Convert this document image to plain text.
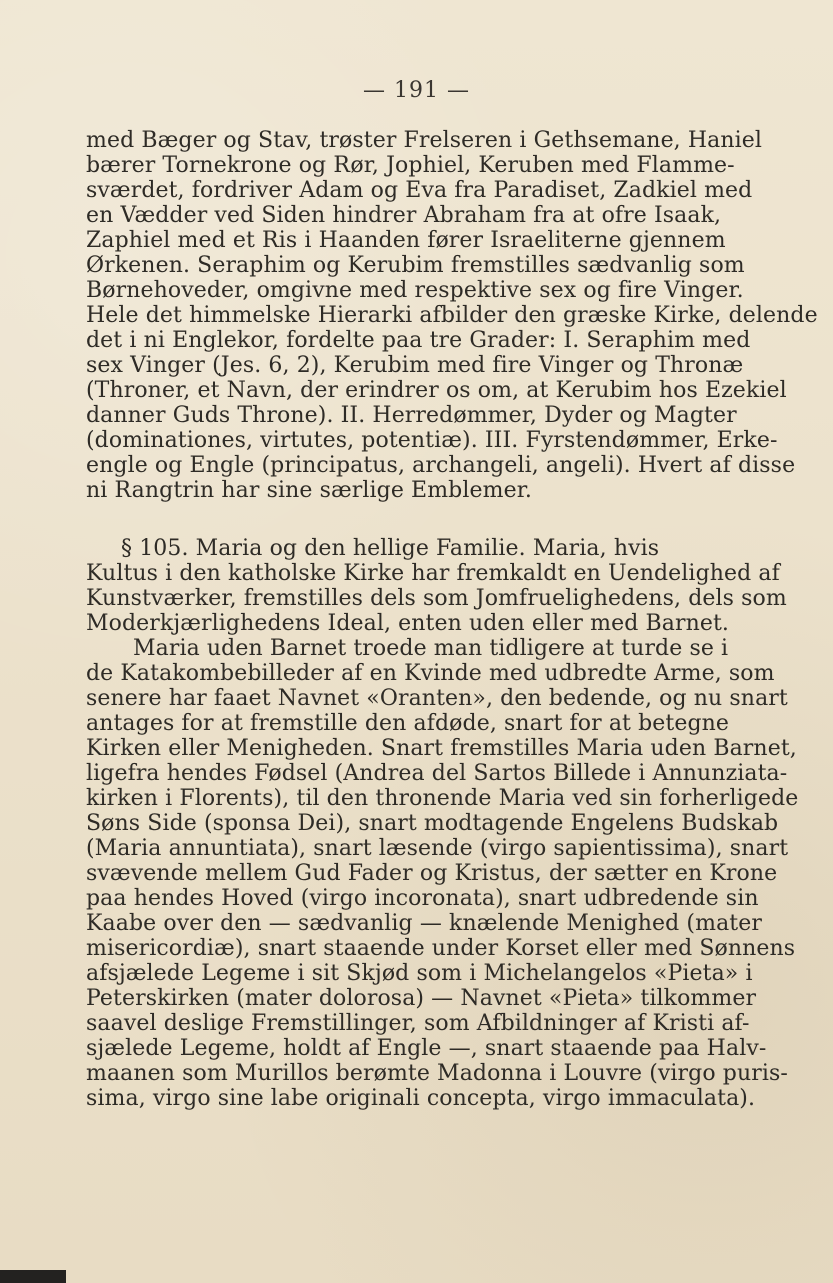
— 191 —
med Bæger og Stav, trøster Frelseren i Gethsemane, Haniel
bærer Tornekrone og Rør, Jophiel, Keruben med Flamme-
sværdet, fordriver Adam og Eva fra Paradiset, Zadkiel med
en Vædder ved Siden hindrer Abraham fra at ofre Isaak,
Zaphiel med et Ris i Haanden fører Israeliterne gjennem
Ørkenen. Seraphim og Kerubim fremstilles sædvanlig som
Børnehoveder, omgivne med respektive sex og fire Vinger.
Hele det himmelske Hierarki afbilder den græske Kirke, delende
det i ni Englekor, fordelte paa tre Grader: I. Seraphim med
sex Vinger (Jes. 6, 2), Kerubim med fire Vinger og Thronæ
(Throner, et Navn, der erindrer os om, at Kerubim hos Ezekiel
danner Guds Throne). II. Herredømmer, Dyder og Magter
(dominationes, virtutes, potentiæ). III. Fyrstendømmer, Erke-
engle og Engle (principatus, archangeli, angeli). Hvert af disse
ni Rangtrin har sine særlige Emblemer.
§ 105. Maria og den hellige Familie. Maria, hvis
Kultus i den katholske Kirke har fremkaldt en Uendelighed af
Kunstværker, fremstilles dels som Jomfruelighedens, dels som
Moderkjærlighedens Ideal, enten uden eller med Barnet.
Maria uden Barnet troede man tidligere at turde se i
de Katakombebilleder af en Kvinde med udbredte Arme, som
senere har faaet Navnet «Oranten», den bedende, og nu snart
antages for at fremstille den afdøde, snart for at betegne
Kirken eller Menigheden. Snart fremstilles Maria uden Barnet,
ligefra hendes Fødsel (Andrea del Sartos Billede i Annunziata-
kirken i Florents), til den thronende Maria ved sin forherligede
Søns Side (sponsa Dei), snart modtagende Engelens Budskab
(Maria annuntiata), snart læsende (virgo sapientissima), snart
svævende mellem Gud Fader og Kristus, der sætter en Krone
paa hendes Hoved (virgo incoronata), snart udbredende sin
Kaabe over den — sædvanlig — knælende Menighed (mater
misericordiæ), snart staaende under Korset eller med Sønnens
afsjælede Legeme i sit Skjød som i Michelangelos «Pieta» i
Peterskirken (mater dolorosa) — Navnet «Pieta» tilkommer
saavel deslige Fremstillinger, som Afbildninger af Kristi af-
sjælede Legeme, holdt af Engle —, snart staaende paa Halv-
maanen som Murillos berømte Madonna i Louvre (virgo puris-
sima, virgo sine labe originali concepta, virgo immaculata).
